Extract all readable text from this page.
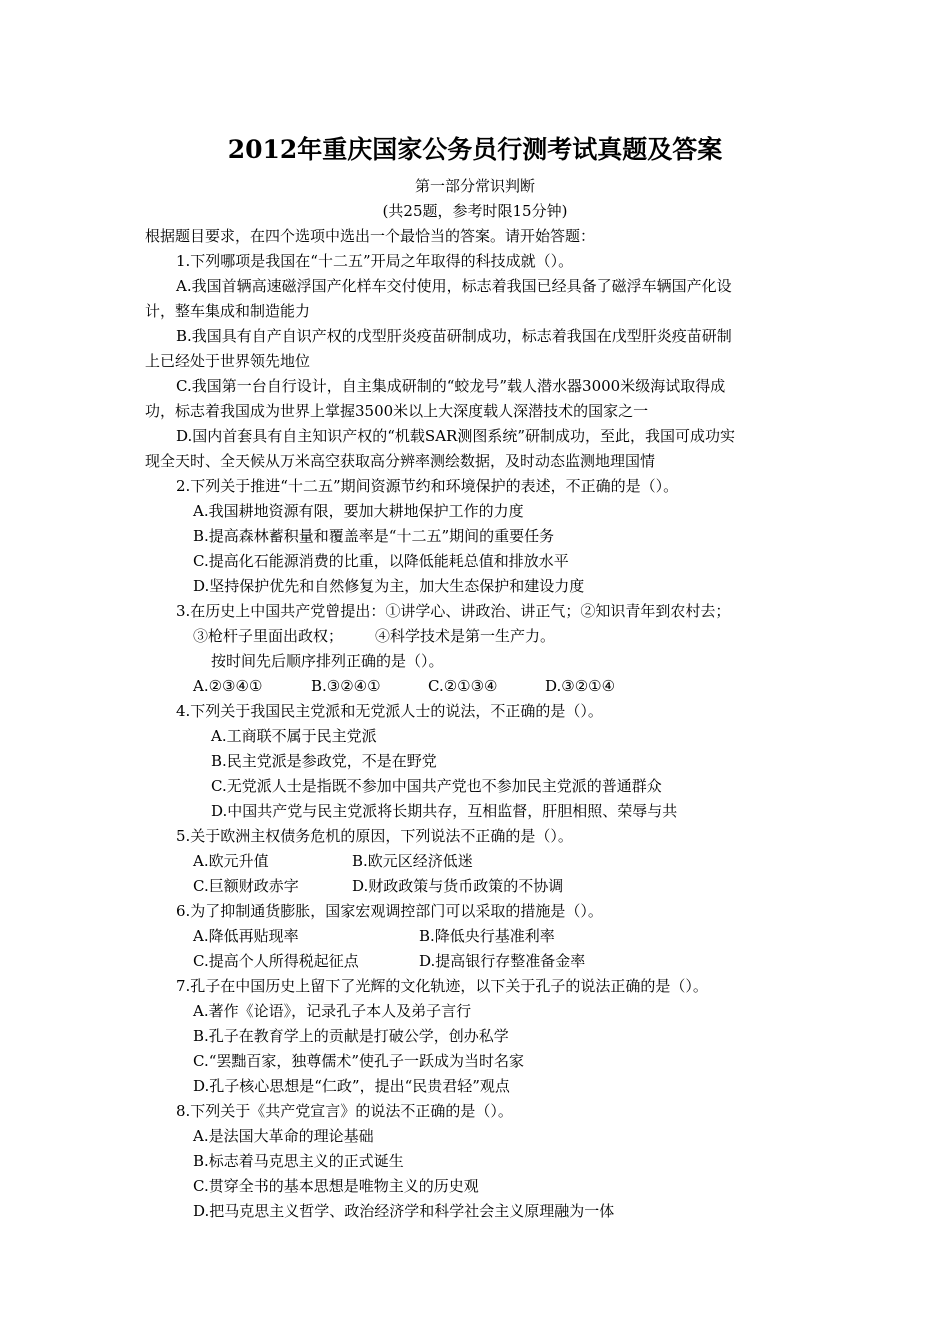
2012年重庆国家公务员行测考试真题及答案
第一部分常识判断
(共25题，参考时限15分钟)
根据题目要求，在四个选项中选出一个最恰当的答案。请开始答题：
1.下列哪项是我国在“十二五”开局之年取得的科技成就（）。
A.我国首辆高速磁浮国产化样车交付使用，标志着我国已经具备了磁浮车辆国产化设
计，整车集成和制造能力
B.我国具有自产自识产权的戊型肝炎疫苗研制成功，标志着我国在戊型肝炎疫苗研制
上已经处于世界领先地位
C.我国第一台自行设计，自主集成研制的“蛟龙号”载人潜水器3000米级海试取得成
功，标志着我国成为世界上掌握3500米以上大深度载人深潜技术的国家之一
D.国内首套具有自主知识产权的“机载SAR测图系统”研制成功，至此，我国可成功实
现全天时、全天候从万米高空获取高分辨率测绘数据，及时动态监测地理国情
2.下列关于推进“十二五”期间资源节约和环境保护的表述，不正确的是（）。
A.我国耕地资源有限，要加大耕地保护工作的力度
B.提高森林蓄积量和覆盖率是“十二五”期间的重要任务
C.提高化石能源消费的比重，以降低能耗总值和排放水平
D.坚持保护优先和自然修复为主，加大生态保护和建设力度
3.在历史上中国共产党曾提出：①讲学心、讲政治、讲正气；②知识青年到农村去；
③枪杆子里面出政权； ④科学技术是第一生产力。
按时间先后顺序排列正确的是（）。
A.②③④①	B.③②④①	C.②①③④	D.③②①④
4.下列关于我国民主党派和无党派人士的说法，不正确的是（）。
A.工商联不属于民主党派
B.民主党派是参政党，不是在野党
C.无党派人士是指既不参加中国共产党也不参加民主党派的普通群众
D.中国共产党与民主党派将长期共存，互相监督，肝胆相照、荣辱与共
5.关于欧洲主权债务危机的原因，下列说法不正确的是（）。
A.欧元升值	B.欧元区经济低迷
C.巨额财政赤字	D.财政政策与货币政策的不协调
6.为了抑制通货膨胀，国家宏观调控部门可以采取的措施是（）。
A.降低再贴现率	B.降低央行基准利率
C.提高个人所得税起征点	D.提高银行存整准备金率
7.孔子在中国历史上留下了光辉的文化轨迹，以下关于孔子的说法正确的是（）。
A.著作《论语》，记录孔子本人及弟子言行
B.孔子在教育学上的贡献是打破公学，创办私学
C.“罢黜百家，独尊儒术”使孔子一跃成为当时名家
D.孔子核心思想是“仁政”，提出“民贵君轻”观点
8.下列关于《共产党宣言》的说法不正确的是（）。
A.是法国大革命的理论基础
B.标志着马克思主义的正式诞生
C.贯穿全书的基本思想是唯物主义的历史观
D.把马克思主义哲学、政治经济学和科学社会主义原理融为一体
